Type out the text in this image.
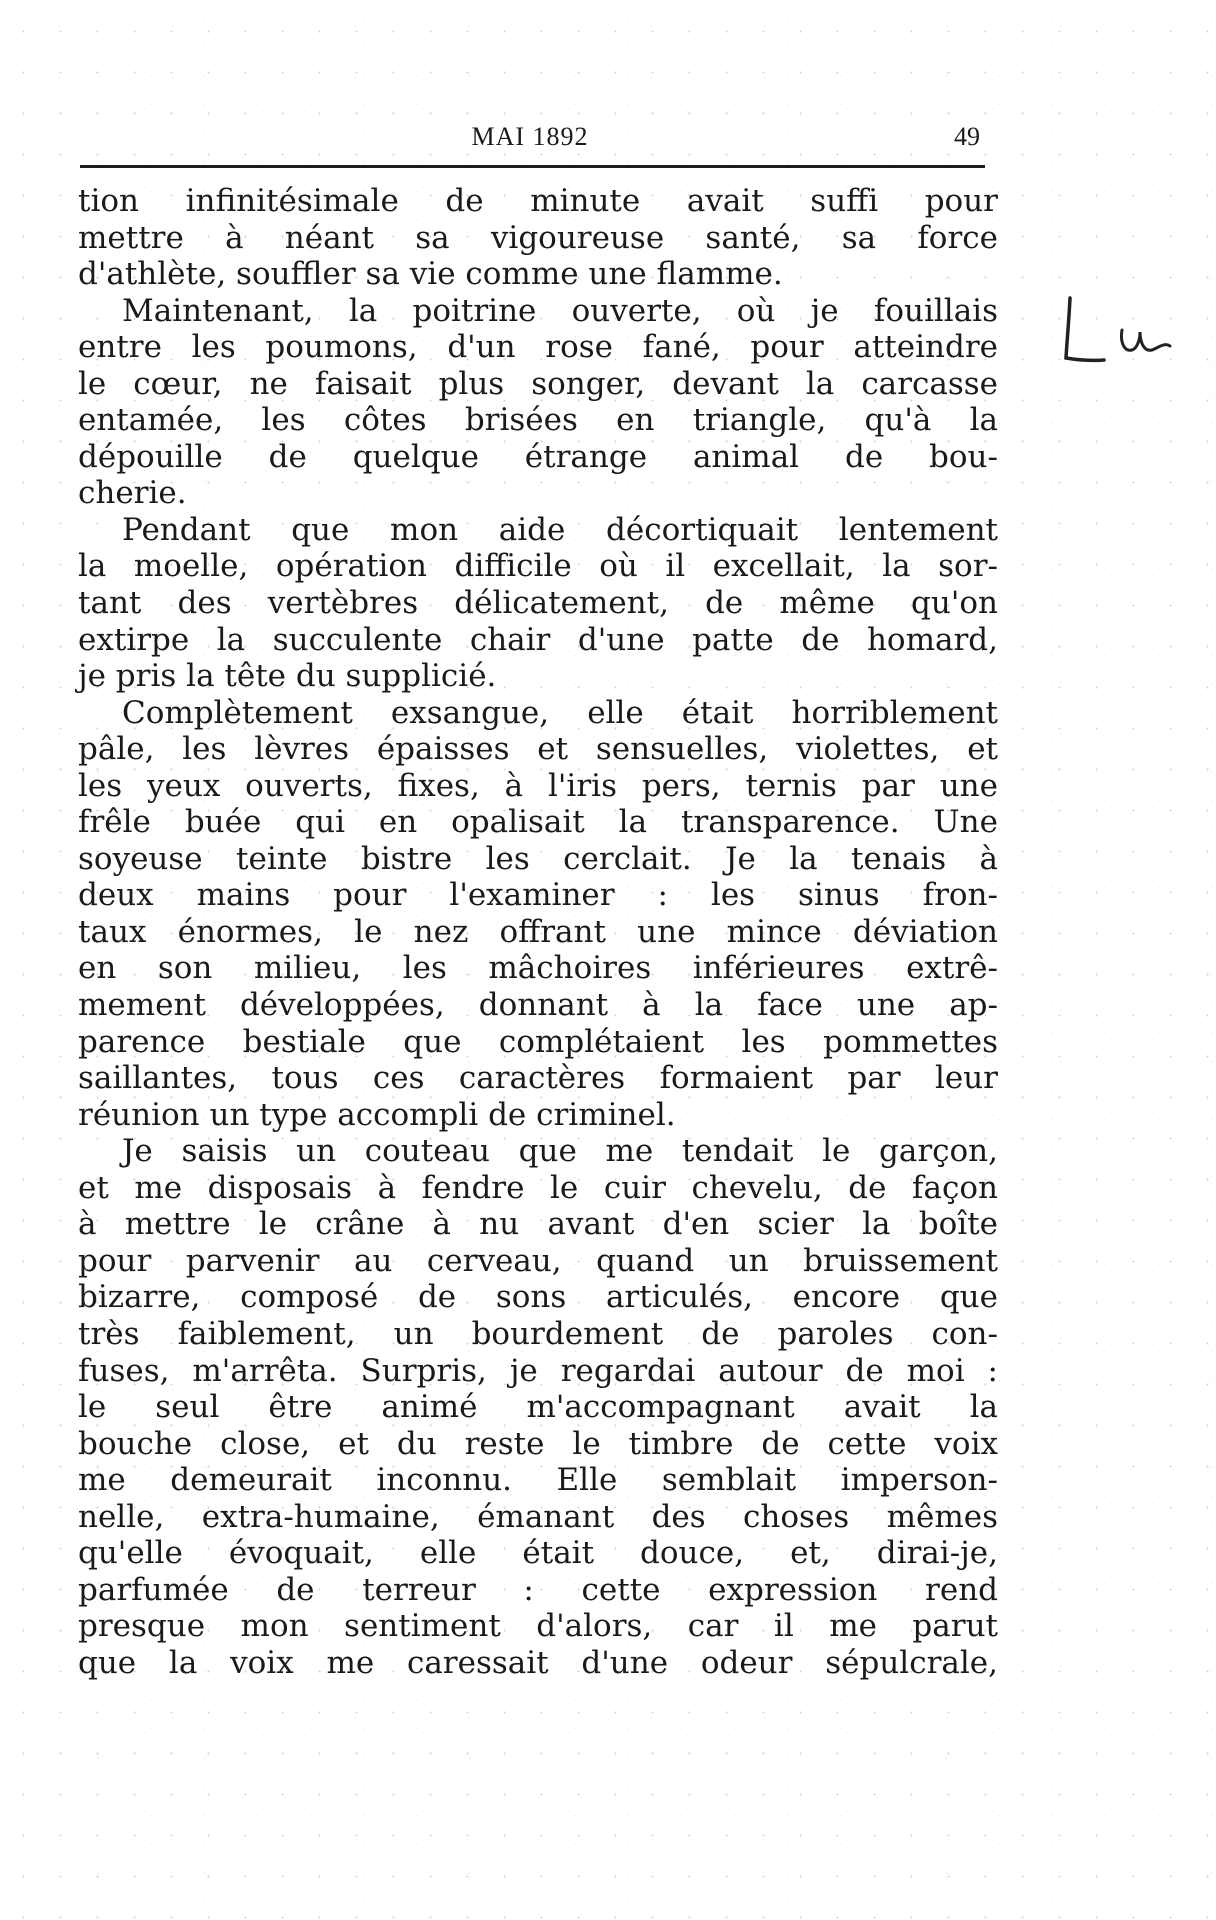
MAI 1892	49
tion infinitésimale de minute avait suffi pour
mettre à néant sa vigoureuse santé, sa force
d'athlète, souffler sa vie comme une flamme.
Maintenant, la poitrine ouverte, où je fouillais
entre les poumons, d'un rose fané, pour atteindre
le cœur, ne faisait plus songer, devant la carcasse
entamée, les côtes brisées en triangle, qu'à la
dépouille de quelque étrange animal de bou-
cherie.
Pendant que mon aide décortiquait lentement
la moelle, opération difficile où il excellait, la sor-
tant des vertèbres délicatement, de même qu'on
extirpe la succulente chair d'une patte de homard,
je pris la tête du supplicié.
Complètement exsangue, elle était horriblement
pâle, les lèvres épaisses et sensuelles, violettes, et
les yeux ouverts, fixes, à l'iris pers, ternis par une
frêle buée qui en opalisait la transparence. Une
soyeuse teinte bistre les cerclait. Je la tenais à
deux mains pour l'examiner : les sinus fron-
taux énormes, le nez offrant une mince déviation
en son milieu, les mâchoires inférieures extrê-
mement développées, donnant à la face une ap-
parence bestiale que complétaient les pommettes
saillantes, tous ces caractères formaient par leur
réunion un type accompli de criminel.
Je saisis un couteau que me tendait le garçon,
et me disposais à fendre le cuir chevelu, de façon
à mettre le crâne à nu avant d'en scier la boîte
pour parvenir au cerveau, quand un bruissement
bizarre, composé de sons articulés, encore que
très faiblement, un bourdement de paroles con-
fuses, m'arrêta. Surpris, je regardai autour de moi :
le seul être animé m'accompagnant avait la
bouche close, et du reste le timbre de cette voix
me demeurait inconnu. Elle semblait imperson-
nelle, extra-humaine, émanant des choses mêmes
qu'elle évoquait, elle était douce, et, dirai-je,
parfumée de terreur : cette expression rend
presque mon sentiment d'alors, car il me parut
que la voix me caressait d'une odeur sépulcrale,
